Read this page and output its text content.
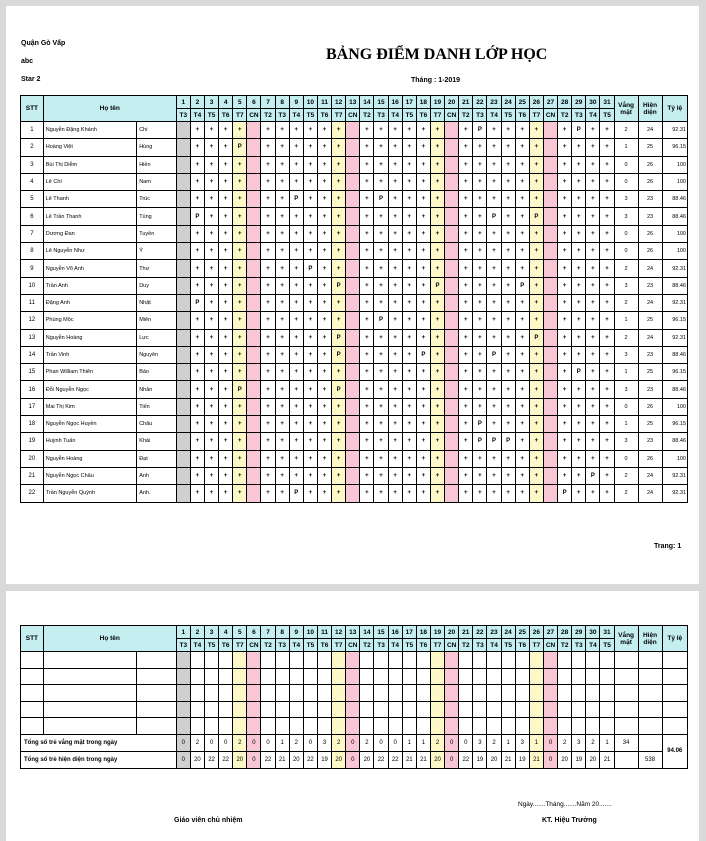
Quận Gò Vấp
abc
Star 2
BẢNG ĐIỂM DANH LỚP HỌC
Tháng : 1-2019
STT	Họ tên		1	2	3	4	5	6	7	8	9	10	11	12	13	14	15	16	17	18	19	20	21	22	23	24	25	26	27	28	29	30	31	Vắng mặt	Hiện diện	Tỷ lệ
			T3	T4	T5	T6	T7	CN	T2	T3	T4	T5	T6	T7	CN	T2	T3	T4	T5	T6	T7	CN	T2	T3	T4	T5	T6	T7	CN	T2	T3	T4	T5			
1	Nguyễn Đặng Khánh	Chi		+	+	+	+		+	+	+	+	+	+		+	+	+	+	+	+		+	P	+	+	+	+		+	P	+	+	2	24	92.31
2	Hoàng Việt	Hùng		+	+	+	P		+	+	+	+	+	+		+	+	+	+	+	+		+	+	+	+	+	+		+	+	+	+	1	25	96.15
3	Bùi Thị Diễm	Hiền		+	+	+	+		+	+	+	+	+	+		+	+	+	+	+	+		+	+	+	+	+	+		+	+	+	+	0	26	100
4	Lê Chí	Nam		+	+	+	+		+	+	+	+	+	+		+	+	+	+	+	+		+	+	+	+	+	+		+	+	+	+	0	26	100
5	Lê Thanh	Trúc		+	+	+	+		+	+	P	+	+	+		+	P	+	+	+	+		+	+	+	+	+	+		+	+	+	+	3	23	88.46
6	Lê Trần Thanh	Tùng		P	+	+	+		+	+	+	+	+	+		+	+	+	+	+	+		+	+	P	+	+	P		+	+	+	+	3	23	88.46
7	Dương Đan	Tuyền		+	+	+	+		+	+	+	+	+	+		+	+	+	+	+	+		+	+	+	+	+	+		+	+	+	+	0	26	100
8	Lê Nguyễn Như	Ý		+	+	+	+		+	+	+	+	+	+		+	+	+	+	+	+		+	+	+	+	+	+		+	+	+	+	0	26	100
9	Nguyễn Võ Anh	Thư		+	+	+	+		+	+	+	P	+	+		+	+	+	+	+	+		+	+	+	+	+	+		+	+	+	+	2	24	92.31
10	Trần Anh	Duy		+	+	+	+		+	+	+	+	+	P		+	+	+	+	+	P		+	+	+	+	P	+		+	+	+	+	3	23	88.46
11	Đặng Anh	Nhật		P	+	+	+		+	+	+	+	+	+		+	+	+	+	+	+		+	+	+	+	+	+		+	+	+	+	2	24	92.31
12	Phùng Mộc	Miên		+	+	+	+		+	+	+	+	+	+		+	P	+	+	+	+		+	+	+	+	+	+		+	+	+	+	1	25	96.15
13	Nguyễn Hoàng	Lực		+	+	+	+		+	+	+	+	+	P		+	+	+	+	+	+		+	+	+	+	+	P		+	+	+	+	2	24	92.31
14	Trần Vinh	Nguyên		+	+	+	+		+	+	+	+	+	P		+	+	+	+	P	+		+	+	P	+	+	+		+	+	+	+	3	23	88.46
15	Phan William Thiên	Bảo		+	+	+	+		+	+	+	+	+	+		+	+	+	+	+	+		+	+	+	+	+	+		+	P	+	+	1	25	96.15
16	Đỗi Nguyễn Ngọc	Nhân		+	+	+	P		+	+	+	+	+	P		+	+	+	+	+	+		+	+	+	+	+	+		+	+	+	+	3	23	88.46
17	Mai Thị Kim	Tiến		+	+	+	+		+	+	+	+	+	+		+	+	+	+	+	+		+	+	+	+	+	+		+	+	+	+	0	26	100
18	Nguyễn Ngọc Huyền	Châu		+	+	+	+		+	+	+	+	+	+		+	+	+	+	+	+		+	P	+	+	+	+		+	+	+	+	1	25	96.15
19	Huỳnh Tuấn	Khải		+	+	+	+		+	+	+	+	+	+		+	+	+	+	+	+		+	P	P	P	+	+		+	+	+	+	3	23	88.46
20	Nguyễn Hoàng	Đạt		+	+	+	+		+	+	+	+	+	+		+	+	+	+	+	+		+	+	+	+	+	+		+	+	+	+	0	26	100
21	Nguyễn Ngọc Châu	Anh		+	+	+	+		+	+	+	+	+	+		+	+	+	+	+	+		+	+	+	+	+	+		+	+	P	+	2	24	92.31
22	Trần Nguyễn Quỳnh	Anh.		+	+	+	+		+	+	P	+	+	+		+	+	+	+	+	+		+	+	+	+	+	+		P	+	+	+	2	24	92.31
Trang: 1
STT	Họ tên		1	2	3	4	5	6	7	8	9	10	11	12	13	14	15	16	17	18	19	20	21	22	23	24	25	26	27	28	29	30	31	Vắng mặt	Hiện diện	Tỷ lệ
			T3	T4	T5	T6	T7	CN	T2	T3	T4	T5	T6	T7	CN	T2	T3	T4	T5	T6	T7	CN	T2	T3	T4	T5	T6	T7	CN	T2	T3	T4	T5			

Tổng số trẻ vắng mặt trong ngày			0	2	0	0	2	0	0	1	2	0	3	2	0	2	0	0	1	1	2	0	0	3	2	1	3	1	0	2	3	2	1	34		94.06
Tổng số trẻ hiện diện trong ngày			0	20	22	22	20	0	22	21	20	22	19	20	0	20	22	22	21	21	20	0	22	19	20	21	19	21	0	20	19	20	21		538	
Ngày.......Tháng.......Năm 20.......
Giáo viên chủ nhiệm	KT. Hiệu Trưởng
